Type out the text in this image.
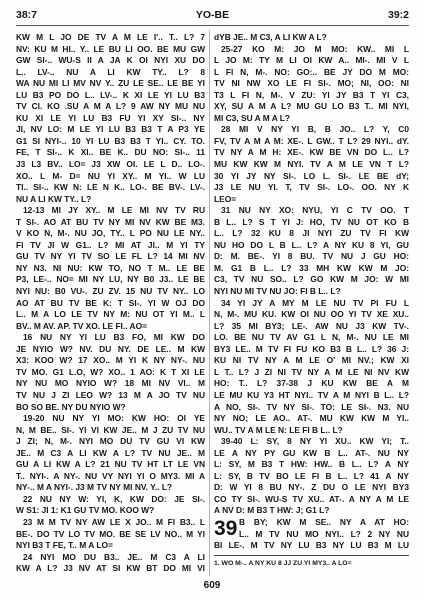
38:7	YO-BE	39:2
KW M L JO DE TV A M LE I'.. T.. L? 7
NV: KU M HI.. Y.. LE BU LI OO. BE MU GW
GW SI-.. WU-S II A JA K OI NYI XU DO
L.. LV-.. NU A LI KW TY.. L? 8
WA NU MI LI MV NV Y.. ZU LE SE.. LE BE YI
LU B3 PO DO L.. LV-.. K XI LE YI LU B3
TV CI. KO .SU A M A L? 9 AW NY MU NU
KU XI LE YI LU B3 FU YI XY SI-.. NY
JI, NV LO: M LE YI LU B3 B3 T A P3 YE
G1 SI NYI-.. 10 YI LU B3 B3 T YI.. CY. TO.
FE, T SI-.. K XI.. BE K.. DU NO: SI-.. 11
J3 L3 BV.. LO= J3 XW OI. LE L D.. LO-.
XO.. L M- D= NU YI XY.. M YI.. W LU
TI.. SI-.. KW N: LE N K.. LO-. BE BV-. LV-.
NU A LI KW TY.. L?
12-13 MI JY XY.. M LE MI NV TV RU
T SI-. AO AT BU TV NY MI NV KW BE M3.
V KO N, M-. NU JO, TY.. L PO NU LE NY..
FI TV JI W G1.. L? MI AT JI.. M YI TY
GU TV NY YI TV SO LE FL L? 14 MI NV
NY N3. NI NU: KW TO, NO T M.. LE BE
P3, LE-.. NO= MI NY LU, NY B0 J3.. LE BE
NYI NU: B0 VU-. ZU ZV. 15 NU TV NY.. LO
AO AT BU TV BE K: T SI-. YI W OJ DO
L.. M A LO LE TV NY M: NU OT YI M.. L
BV.. M AV. AP. TV XO. LE FI.. AO=
16 NU NY YI LU B3 FO, MI KW DO
JE NYIO W? NV. DU NY. DE LE.. M KW
X3: KOO W? 17 XO.. M YI K NY NY-. NU
TV MO. G1 L.O, W? XO.. 1 AO: K T XI LE
NY NU MO NYIO W? 18 MI NV VI.. M
TV NU J ZI LEO W? 13 M A JO TV NU
BO SO BE. NY DU NYIO W?
19-20 NU NY YI MO: KW HO: OI YE
N, M BE.. SI-. YI VI KW JE.. M J ZU TV NU
J ZI; N, M-. NYI MO DU TV GU VI KW
JE.. M C3 A LI KW A L? TV NU JE.. M
GU A LI KW A L? 21 NU TV HT LT LE VN
T.. NYI-. A NY-. NU VY NYI YI O MY3. MI A
NY-.. M A NYI-. J3 M TV NY MI NV. Y.. L?
22 NU NY W: YI, K, KW DO: JE SI-.
W S1: JI 1: K1 GU TV MO. KOO W?
23 M M TV NY AW LE X JO.. M FI B3.. L
BE-. DO TV LO TV MO. BE SE LV NO.. M YI
NYI B3 T FE, T.. M A LO=
24 NYI MO DU B3.. JE.. M C3 A LI
KW A L? J3 NV AT SI KW BT DO MI VI
39
dYB JE.. M C3, A LI KW A L?
25-27 KO M: JO M MO: KW.. MI L
L JO M: TY M LI OI KW A.. MI-. MI V L
L FI N, M-. NO: GO:.. BE JY DO M MO:
TV NI NW XO LE FI SI-. MO; NI, OO: NI
T3 L FI N, M-. V ZU: YI JY B3 T YI C3,
XY, SU A M A L? MU GU LO B3 T.. MI NYI,
MI C3, SU A M A L?
28 MI V NY YI B, B JO.. L? Y, C0
FV, TV A M A M: XE-. L GW.. T L? 29 NYI.. dY.
TV NY A M H: XE-. KW BE VN DO L.. L?
MU KW KW M NYI. TV A M LE VN T L?
30 YI JY NY SI-. LO L. SI-. LE BE dY;
J3 LE NU YI. T, TV SI-. LO-. OO. NY K
LEO=
31 NU NY XO: NYU, YI C TV OO. T
B L.. L? S T YI J: HO, TV NU OT KO B
L.. L? 32 KU 8 JI NYI ZU TV FI KW
NU HO DO L B L.. L? A NY KU 8 YI, GU
D: M. BE-. YI 8 BU. TV NU J GU HO:
M. G1 B L.. L? 33 MH KW KW M JO:
C3, TV NU SO.. L? GO KW M JO: W MI
NYI NU MI TV NU JO: FI B L.. L?
34 YI JY A MY M LE NU TV PI FU L
N, M-. MU KU. KW OI NU OO YI TV XE XU..
L? 35 MI BY3; LE-. AW NU J3 KW TV-.
LO. BE NU TV AV G1 L N, M-. NU LE MI
BY3 LE.. M TV FI FU KO B3 B L.. L? 36 J:
KU NI TV NY A M LE O' MI NV.; KW XI
L T.. L? J ZI NI TV NY A M LE NI NV KW
HO: T.. L? 37-38 J KU KW BE A M
LE MU KU Y3 HT NYI.. TV A M NYI B L.. L?
A NO, SI-. TV NY SI-. TO: LE SI-. N3. NU
NY NO; LE AO.. AT-. MU KW KW M YI..
WU.. TV A M LE N: LE FI B L.. L?
39-40 L: SY, 8 NY YI XU.. KW YI; T..
LE A NY PY GU KW B L.. AT-. NU NY
L: SY, M B3 T HW: HW.. B L.. L? A NY
L: SY, B TV BO LE FI B L.. L? 41 A NY
D: W YI 8 BU NY-. Z DU O LE NYI BY3
CO TY SI-. WU-S TV XU.. AT-. A NY A M LE
A NV D: M B3 T HW: J; G1 L?
B BY; KW M SE.. NY A AT HO:
L.. M TV NU MO NYI.. L? 2 NY NU
BI LE-. M TV NY LU B3 NY LU B3 M LU
1. WO M-.. A NY KU 8 JJ ZU YI MY3.. A LO=
609
